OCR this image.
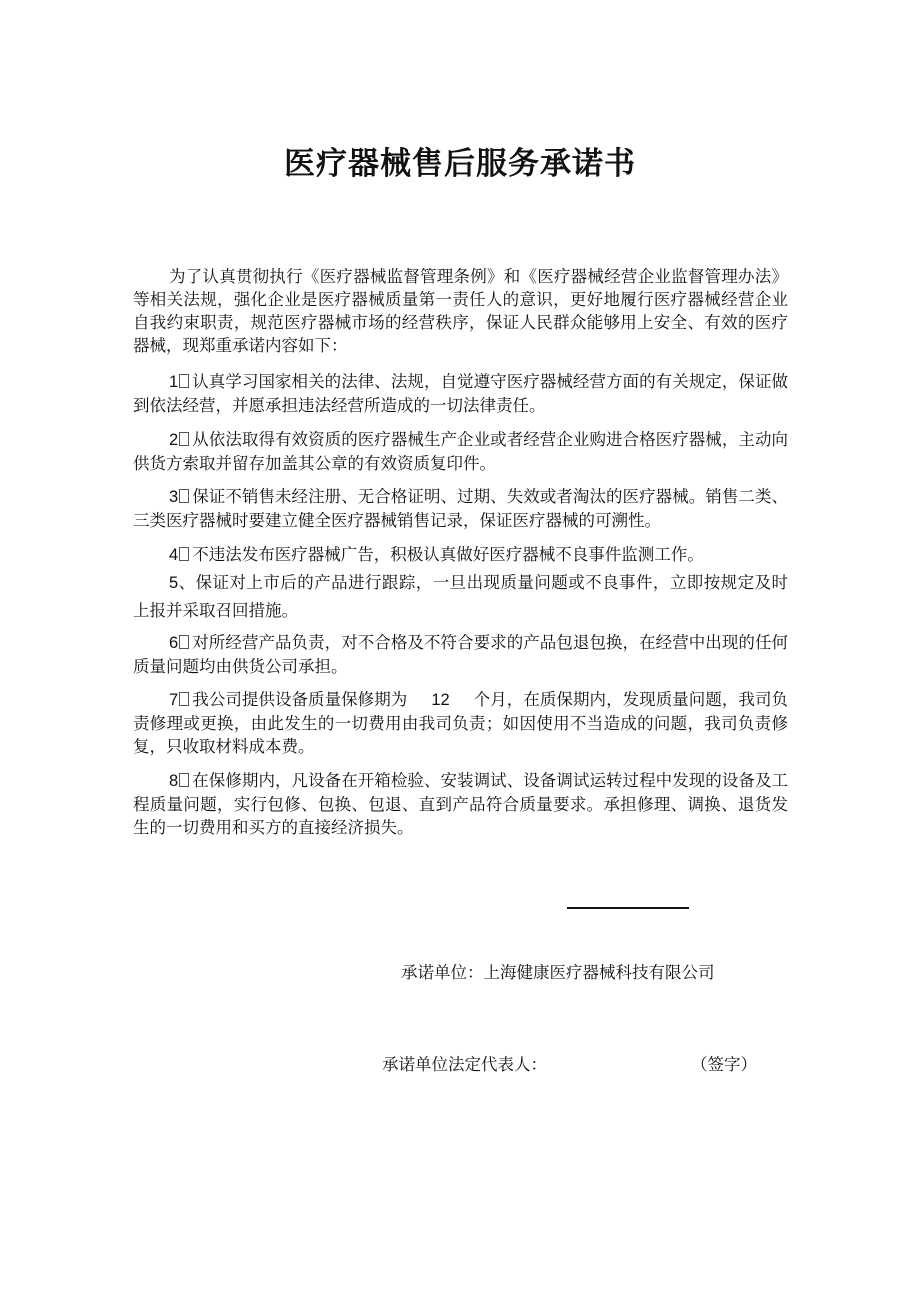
医疗器械售后服务承诺书

为了认真贯彻执行《医疗器械监督管理条例》和《医疗器械经营企业监督管理办法》等相关法规，强化企业是医疗器械质量第一责任人的意识，更好地履行医疗器械经营企业自我约束职责，规范医疗器械市场的经营秩序，保证人民群众能够用上安全、有效的医疗器械，现郑重承诺内容如下：

1 认真学习国家相关的法律、法规，自觉遵守医疗器械经营方面的有关规定，保证做到依法经营，并愿承担违法经营所造成的一切法律责任。

2 从依法取得有效资质的医疗器械生产企业或者经营企业购进合格医疗器械，主动向供货方索取并留存加盖其公章的有效资质复印件。

3 保证不销售未经注册、无合格证明、过期、失效或者淘汰的医疗器械。销售二类、三类医疗器械时要建立健全医疗器械销售记录，保证医疗器械的可溯性。

4 不违法发布医疗器械广告，积极认真做好医疗器械不良事件监测工作。

5、保证对上市后的产品进行跟踪，一旦出现质量问题或不良事件，立即按规定及时上报并采取召回措施。

6 对所经营产品负责，对不合格及不符合要求的产品包退包换，在经营中出现的任何质量问题均由供货公司承担。

7 我公司提供设备质量保修期为 12 个月，在质保期内，发现质量问题，我司负责修理或更换，由此发生的一切费用由我司负责；如因使用不当造成的问题，我司负责修复，只收取材料成本费。

8 在保修期内，凡设备在开箱检验、安装调试、设备调试运转过程中发现的设备及工程质量问题，实行包修、包换、包退、直到产品符合质量要求。承担修理、调换、退货发生的一切费用和买方的直接经济损失。

承诺单位：上海健康医疗器械科技有限公司
承诺单位法定代表人：	（签字）
